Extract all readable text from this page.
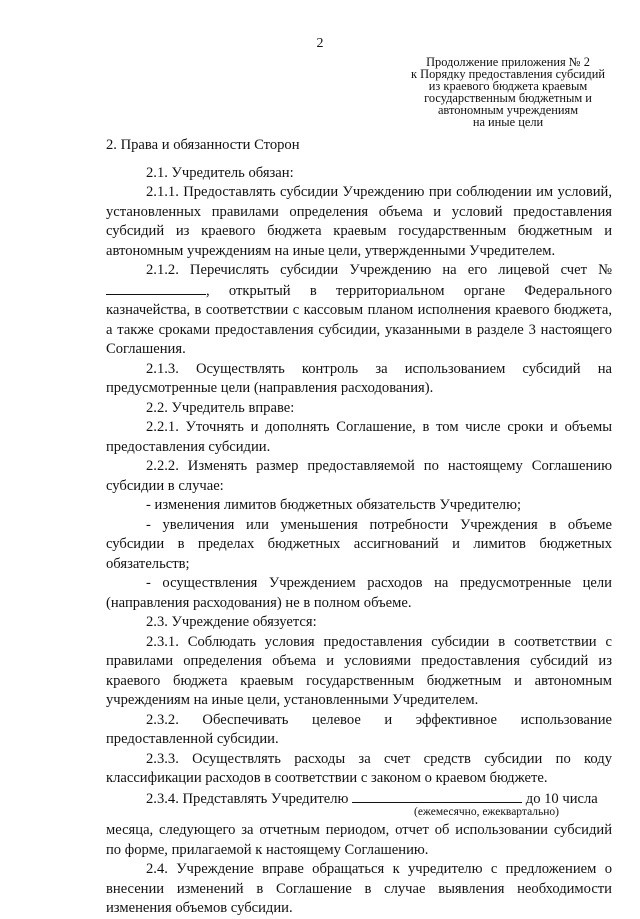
2
Продолжение приложения № 2
к Порядку предоставления субсидий
из краевого бюджета краевым
государственным бюджетным и
автономным учреждениям
на иные цели

2. Права и обязанности Сторон

2.1. Учредитель обязан:

2.1.1. Предоставлять субсидии Учреждению при соблюдении им условий, установленных правилами определения объема и условий предоставления субсидий из краевого бюджета краевым государственным бюджетным и автономным учреждениям на иные цели, утвержденными Учредителем.

2.1.2. Перечислять субсидии Учреждению на его лицевой счет №, открытый в территориальном органе Федерального казначейства, в соответствии с кассовым планом исполнения краевого бюджета, а также сроками предоставления субсидии, указанными в разделе 3 настоящего Соглашения.

2.1.3. Осуществлять контроль за использованием субсидий на предусмотренные цели (направления расходования).

2.2. Учредитель вправе:

2.2.1. Уточнять и дополнять Соглашение, в том числе сроки и объемы предоставления субсидии.

2.2.2. Изменять размер предоставляемой по настоящему Соглашению субсидии в случае:

- изменения лимитов бюджетных обязательств Учредителю;

- увеличения или уменьшения потребности Учреждения в объеме субсидии в пределах бюджетных ассигнований и лимитов бюджетных обязательств;

- осуществления Учреждением расходов на предусмотренные цели (направления расходования) не в полном объеме.

2.3. Учреждение обязуется:

2.3.1. Соблюдать условия предоставления субсидии в соответствии с правилами определения объема и условиями предоставления субсидий из краевого бюджета краевым государственным бюджетным и автономным учреждениям на иные цели, установленными Учредителем.

2.3.2. Обеспечивать целевое и эффективное использование предоставленной субсидии.

2.3.3. Осуществлять расходы за счет средств субсидии по коду классификации расходов в соответствии с законом о краевом бюджете.

2.3.4. Представлять Учредителю	до 10 числа

(ежемесячно, ежеквартально)

месяца, следующего за отчетным периодом, отчет об использовании субсидий по форме, прилагаемой к настоящему Соглашению.

2.4. Учреждение вправе обращаться к учредителю с предложением о внесении изменений в Соглашение в случае выявления необходимости изменения объемов субсидии.
